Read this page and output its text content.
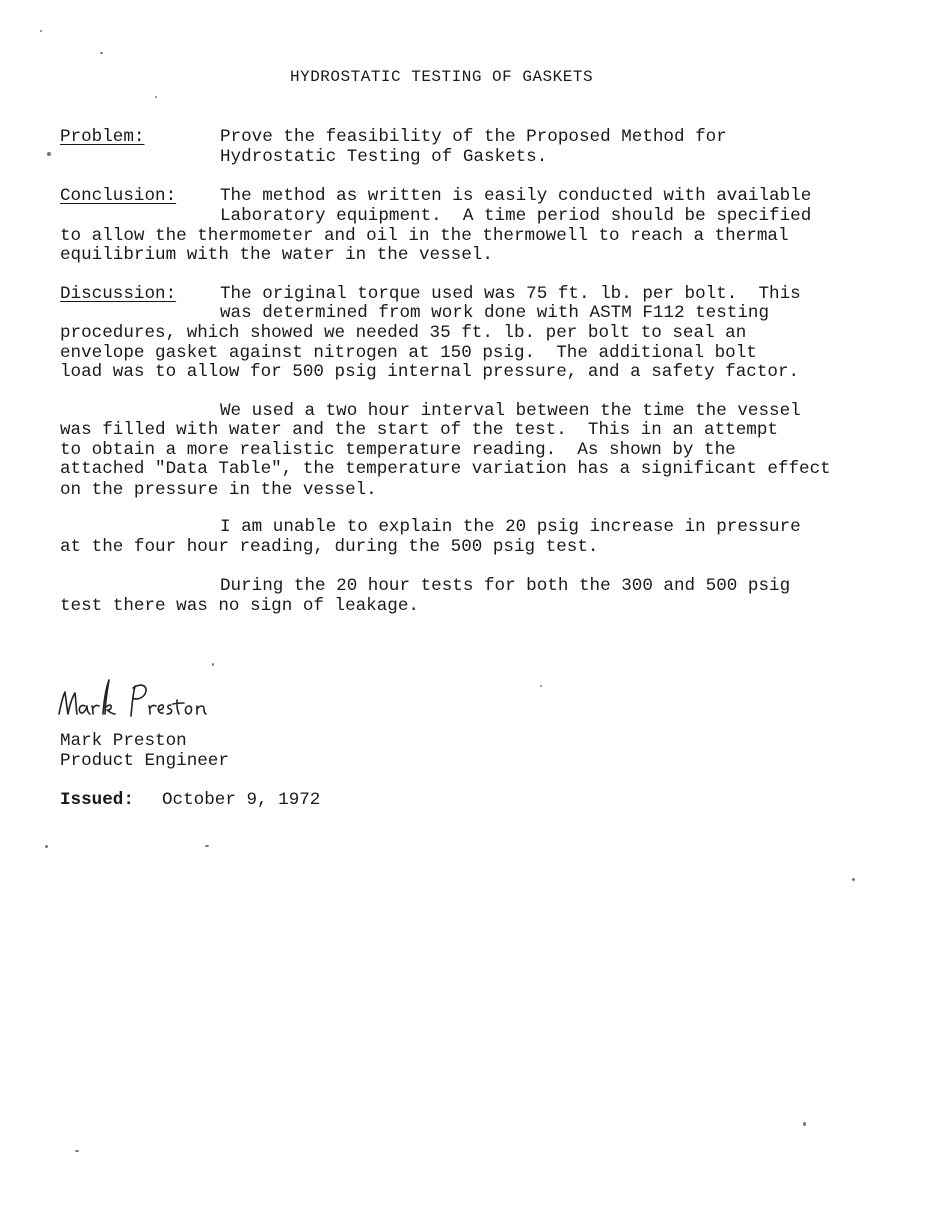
HYDROSTATIC TESTING OF GASKETS
Problem:	Prove the feasibility of the Proposed Method for
Hydrostatic Testing of Gaskets.
Conclusion: The method as written is easily conducted with available
Laboratory equipment.  A time period should be specified
to allow the thermometer and oil in the thermowell to reach a thermal
equilibrium with the water in the vessel.
Discussion: The original torque used was 75 ft. lb. per bolt.  This
was determined from work done with ASTM F112 testing
procedures, which showed we needed 35 ft. lb. per bolt to seal an
envelope gasket against nitrogen at 150 psig.  The additional bolt
load was to allow for 500 psig internal pressure, and a safety factor.
We used a two hour interval between the time the vessel
was filled with water and the start of the test.  This in an attempt
to obtain a more realistic temperature reading.  As shown by the
attached "Data Table", the temperature variation has a significant effect
on the pressure in the vessel.
I am unable to explain the 20 psig increase in pressure
at the four hour reading, during the 500 psig test.
During the 20 hour tests for both the 300 and 500 psig
test there was no sign of leakage.
Mark Preston
Product Engineer
Issued: October 9, 1972
